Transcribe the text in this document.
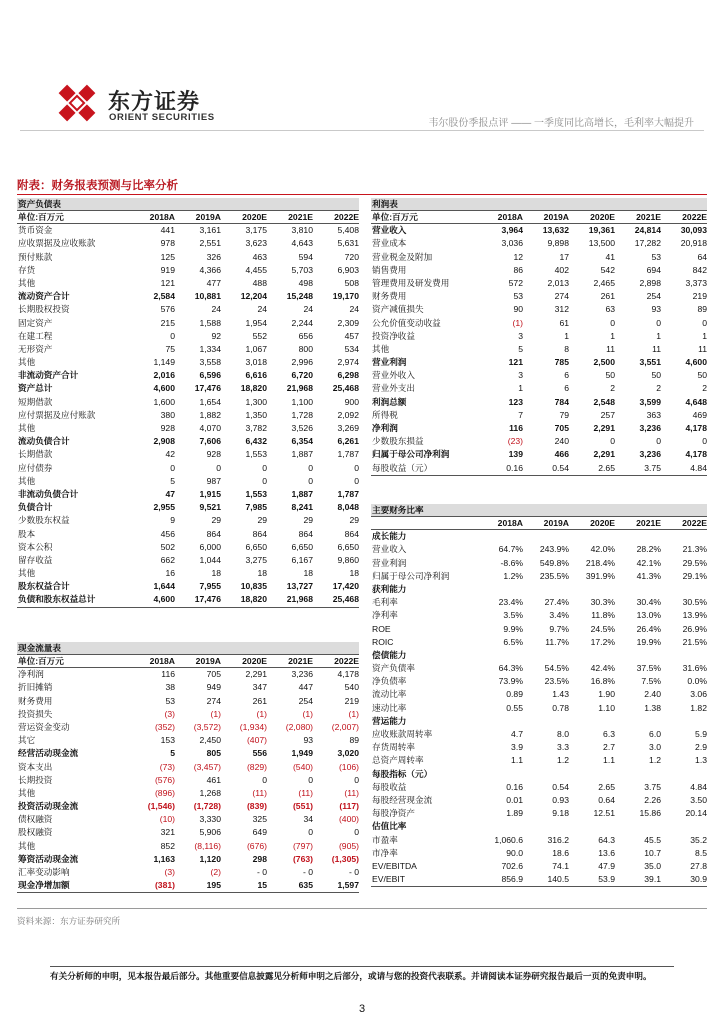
东方证券
ORIENT SECURITIES
韦尔股份季报点评 —— 一季度同比高增长，毛利率大幅提升
附表：财务报表预测与比率分析
资产负债表
单位:百万元	2018A	2019A	2020E	2021E	2022E
货币资金	441	3,161	3,175	3,810	5,408
应收票据及应收账款	978	2,551	3,623	4,643	5,631
预付账款	125	326	463	594	720
存货	919	4,366	4,455	5,703	6,903
其他	121	477	488	498	508
流动资产合计	2,584	10,881	12,204	15,248	19,170
长期股权投资	576	24	24	24	24
固定资产	215	1,588	1,954	2,244	2,309
在建工程	0	92	552	656	457
无形资产	75	1,334	1,067	800	534
其他	1,149	3,558	3,018	2,996	2,974
非流动资产合计	2,016	6,596	6,616	6,720	6,298
资产总计	4,600	17,476	18,820	21,968	25,468
短期借款	1,600	1,654	1,300	1,100	900
应付票据及应付账款	380	1,882	1,350	1,728	2,092
其他	928	4,070	3,782	3,526	3,269
流动负债合计	2,908	7,606	6,432	6,354	6,261
长期借款	42	928	1,553	1,887	1,787
应付债券	0	0	0	0	0
其他	5	987	0	0	0
非流动负债合计	47	1,915	1,553	1,887	1,787
负债合计	2,955	9,521	7,985	8,241	8,048
少数股东权益	9	29	29	29	29
股本	456	864	864	864	864
资本公积	502	6,000	6,650	6,650	6,650
留存收益	662	1,044	3,275	6,167	9,860
其他	16	18	18	18	18
股东权益合计	1,644	7,955	10,835	13,727	17,420
负债和股东权益总计	4,600	17,476	18,820	21,968	25,468
现金流量表
单位:百万元	2018A	2019A	2020E	2021E	2022E
净利润	116	705	2,291	3,236	4,178
折旧摊销	38	949	347	447	540
财务费用	53	274	261	254	219
投资损失	(3)	(1)	(1)	(1)	(1)
营运资金变动	(352)	(3,572)	(1,934)	(2,080)	(2,007)
其它	153	2,450	(407)	93	89
经营活动现金流	5	805	556	1,949	3,020
资本支出	(73)	(3,457)	(829)	(540)	(106)
长期投资	(576)	461	0	0	0
其他	(896)	1,268	(11)	(11)	(11)
投资活动现金流	(1,546)	(1,728)	(839)	(551)	(117)
债权融资	(10)	3,330	325	34	(400)
股权融资	321	5,906	649	0	0
其他	852	(8,116)	(676)	(797)	(905)
筹资活动现金流	1,163	1,120	298	(763)	(1,305)
汇率变动影响	(3)	(2)	- 0	- 0	- 0
现金净增加额	(381)	195	15	635	1,597
利润表
单位:百万元	2018A	2019A	2020E	2021E	2022E
营业收入	3,964	13,632	19,361	24,814	30,093
营业成本	3,036	9,898	13,500	17,282	20,918
营业税金及附加	12	17	41	53	64
销售费用	86	402	542	694	842
管理费用及研发费用	572	2,013	2,465	2,898	3,373
财务费用	53	274	261	254	219
资产减值损失	90	312	63	93	89
公允价值变动收益	(1)	61	0	0	0
投资净收益	3	1	1	1	1
其他	5	8	11	11	11
营业利润	121	785	2,500	3,551	4,600
营业外收入	3	6	50	50	50
营业外支出	1	6	2	2	2
利润总额	123	784	2,548	3,599	4,648
所得税	7	79	257	363	469
净利润	116	705	2,291	3,236	4,178
少数股东损益	(23)	240	0	0	0
归属于母公司净利润	139	466	2,291	3,236	4,178
每股收益（元）	0.16	0.54	2.65	3.75	4.84
主要财务比率
2018A	2019A	2020E	2021E	2022E
成长能力
营业收入	64.7%	243.9%	42.0%	28.2%	21.3%
营业利润	-8.6%	549.8%	218.4%	42.1%	29.5%
归属于母公司净利润	1.2%	235.5%	391.9%	41.3%	29.1%
获利能力
毛利率	23.4%	27.4%	30.3%	30.4%	30.5%
净利率	3.5%	3.4%	11.8%	13.0%	13.9%
ROE	9.9%	9.7%	24.5%	26.4%	26.9%
ROIC	6.5%	11.7%	17.2%	19.9%	21.5%
偿债能力
资产负债率	64.3%	54.5%	42.4%	37.5%	31.6%
净负债率	73.9%	23.5%	16.8%	7.5%	0.0%
流动比率	0.89	1.43	1.90	2.40	3.06
速动比率	0.55	0.78	1.10	1.38	1.82
营运能力
应收账款周转率	4.7	8.0	6.3	6.0	5.9
存货周转率	3.9	3.3	2.7	3.0	2.9
总资产周转率	1.1	1.2	1.1	1.2	1.3
每股指标（元）
每股收益	0.16	0.54	2.65	3.75	4.84
每股经营现金流	0.01	0.93	0.64	2.26	3.50
每股净资产	1.89	9.18	12.51	15.86	20.14
估值比率
市盈率	1,060.6	316.2	64.3	45.5	35.2
市净率	90.0	18.6	13.6	10.7	8.5
EV/EBITDA	702.6	74.1	47.9	35.0	27.8
EV/EBIT	856.9	140.5	53.9	39.1	30.9
资料来源：东方证券研究所
有关分析师的申明，见本报告最后部分。其他重要信息披露见分析师申明之后部分，或请与您的投资代表联系。并请阅读本证券研究报告最后一页的免责申明。
3
